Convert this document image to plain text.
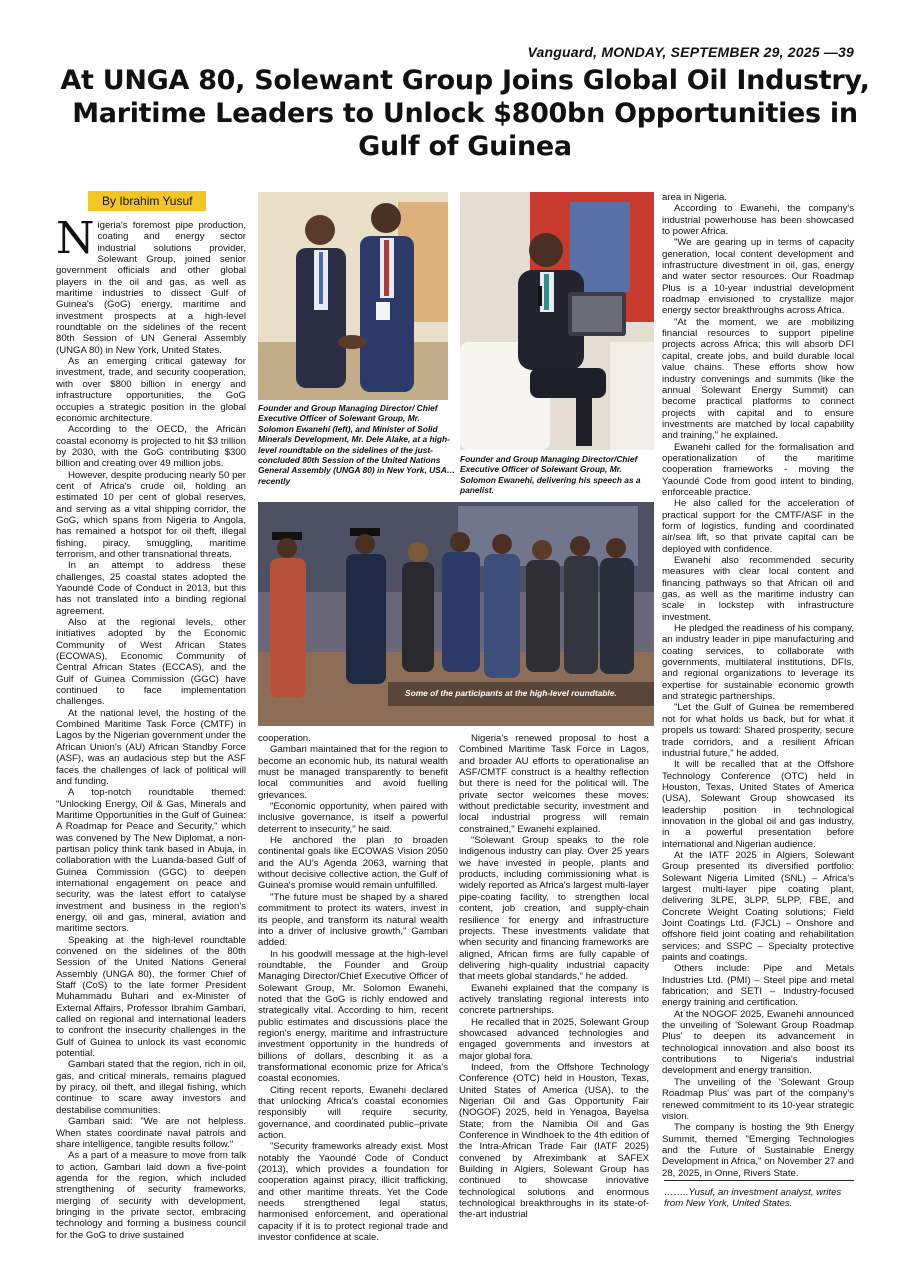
Vanguard, MONDAY, SEPTEMBER 29, 2025 —39
At UNGA 80, Solewant Group Joins Global Oil Industry, Maritime Leaders to Unlock $800bn Opportunities in Gulf of Guinea
By Ibrahim Yusuf

Nigeria's foremost pipe production, coating and energy sector industrial solutions provider, Solewant Group, joined senior government officials and other global players in the oil and gas, as well as maritime industries to dissect Gulf of Guinea's (GoG) energy, maritime and investment prospects at a high-level roundtable on the sidelines of the recent 80th Session of UN General Assembly (UNGA 80) in New York, United States.

As an emerging critical gateway for investment, trade, and security cooperation, with over $800 billion in energy and infrastructure opportunities, the GoG occupies a strategic position in the global economic architecture.

According to the OECD, the African coastal economy is projected to hit $3 trillion by 2030, with the GoG contributing $300 billion and creating over 49 million jobs.

However, despite producing nearly 50 per cent of Africa's crude oil, holding an estimated 10 per cent of global reserves, and serving as a vital shipping corridor, the GoG, which spans from Nigeria to Angola, has remained a hotspot for oil theft, illegal fishing, piracy, smuggling, maritime terrorism, and other transnational threats.

In an attempt to address these challenges, 25 coastal states adopted the Yaoundé Code of Conduct in 2013, but this has not translated into a binding regional agreement.

Also at the regional levels, other initiatives adopted by the Economic Community of West African States (ECOWAS), Economic Community of Central African States (ECCAS), and the Gulf of Guinea Commission (GGC) have continued to face implementation challenges.

At the national level, the hosting of the Combined Maritime Task Force (CMTF) in Lagos by the Nigerian government under the African Union's (AU) African Standby Force (ASF), was an audacious step but the ASF faces the challenges of lack of political will and funding.

A top-notch roundtable themed: "Unlocking Energy, Oil & Gas, Minerals and Maritime Opportunities in the Gulf of Guinea: A Roadmap for Peace and Security," which was convened by The New Diplomat, a non-partisan policy think tank based in Abuja, in collaboration with the Luanda-based Gulf of Guinea Commission (GGC) to deepen international engagement on peace and security, was the latest effort to catalyse investment and business in the region's energy, oil and gas, mineral, aviation and maritime sectors.

Speaking at the high-level roundtable convened on the sidelines of the 80th Session of the United Nations General Assembly (UNGA 80), the former Chief of Staff (CoS) to the late former President Muhammadu Buhari and ex-Minister of External Affairs, Professor Ibrahim Gambari, called on regional and international leaders to confront the insecurity challenges in the Gulf of Guinea to unlock its vast economic potential.

Gambari stated that the region, rich in oil, gas, and critical minerals, remains plagued by piracy, oil theft, and illegal fishing, which continue to scare away investors and destabilise communities.

Gambari said: "We are not helpless. When states coordinate naval patrols and share intelligence, tangible results follow."

As a part of a measure to move from talk to action, Gambari laid down a five-point agenda for the region, which included strengthening of security frameworks, merging of security with development, bringing in the private sector, embracing technology and forming a business council for the GoG to drive sustained

Founder and Group Managing Director/ Chief Executive Officer of Solewant Group, Mr. Solomon Ewanehi (left), and Minister of Solid Minerals Development, Mr. Dele Alake, at a high-level roundtable on the sidelines of the just-concluded 80th Session of the United Nations General Assembly (UNGA 80) in New York, USA…recently
Founder and Group Managing Director/Chief Executive Officer of Solewant Group, Mr. Solomon Ewanehi, delivering his speech as a panelist.
Some of the participants at the high-level roundtable.

cooperation.

Gambari maintained that for the region to become an economic hub, its natural wealth must be managed transparently to benefit local communities and avoid fuelling grievances.

"Economic opportunity, when paired with inclusive governance, is itself a powerful deterrent to insecurity," he said.

He anchored the plan to broaden continental goals like ECOWAS Vision 2050 and the AU's Agenda 2063, warning that without decisive collective action, the Gulf of Guinea's promise would remain unfulfilled.

"The future must be shaped by a shared commitment to protect its waters, invest in its people, and transform its natural wealth into a driver of inclusive growth," Gambari added.

In his goodwill message at the high-level roundtable, the Founder and Group Managing Director/Chief Executive Officer of Solewant Group, Mr. Solomon Ewanehi, noted that the GoG is richly endowed and strategically vital. According to him, recent public estimates and discussions place the region's energy, maritime and infrastructure investment opportunity in the hundreds of billions of dollars, describing it as a transformational economic prize for Africa's coastal economies.

Citing recent reports, Ewanehi declared that unlocking Africa's coastal economies responsibly will require security, governance, and coordinated public–private action.

"Security frameworks already exist. Most notably the Yaoundé Code of Conduct (2013), which provides a foundation for cooperation against piracy, illicit trafficking, and other maritime threats. Yet the Code needs strengthened legal status, harmonised enforcement, and operational capacity if it is to protect regional trade and investor confidence at scale.

Nigeria's renewed proposal to host a Combined Maritime Task Force in Lagos, and broader AU efforts to operationalise an ASF/CMTF construct is a healthy reflection but there is need for the political will. The private sector welcomes these moves: without predictable security, investment and local industrial progress will remain constrained," Ewanehi explained.

"Solewant Group speaks to the role indigenous industry can play. Over 25 years we have invested in people, plants and products, including commissioning what is widely reported as Africa's largest multi-layer pipe-coating facility, to strengthen local content, job creation, and supply-chain resilience for energy and infrastructure projects. These investments validate that when security and financing frameworks are aligned, African firms are fully capable of delivering high-quality industrial capacity that meets global standards," he added.

Ewanehi explained that the company is actively translating regional interests into concrete partnerships.

He recalled that in 2025, Solewant Group showcased advanced technologies and engaged governments and investors at major global fora.

Indeed, from the Offshore Technology Conference (OTC) held in Houston, Texas, United States of America (USA), to the Nigerian Oil and Gas Opportunity Fair (NOGOF) 2025, held in Yenagoa, Bayelsa State; from the Namibia Oil and Gas Conference in Windhoek to the 4th edition of the Intra-African Trade Fair (IATF 2025) convened by Afreximbank at SAFEX Building in Algiers, Solewant Group has continued to showcase innovative technological solutions and enormous technological breakthroughs in its state-of-the-art industrial

area in Nigeria.

According to Ewanehi, the company's industrial powerhouse has been showcased to power Africa.

"We are gearing up in terms of capacity generation, local content development and infrastructure divestment in oil, gas, energy and water sector resources. Our Roadmap Plus is a 10-year industrial development roadmap envisioned to crystallize major energy sector breakthroughs across Africa.

"At the moment, we are mobilizing financial resources to support pipeline projects across Africa; this will absorb DFI capital, create jobs, and build durable local value chains. These efforts show how industry convenings and summits (like the annual Solewant Energy Summit) can become practical platforms to connect projects with capital and to ensure investments are matched by local capability and training," he explained.

Ewanehi called for the formalisation and operationalization of the maritime cooperation frameworks - moving the Yaoundé Code from good intent to binding, enforceable practice.

He also called for the acceleration of practical support for the CMTF/ASF in the form of logistics, funding and coordinated air/sea lift, so that private capital can be deployed with confidence.

Ewanehi also recommended security measures with clear local content and financing pathways so that African oil and gas, as well as the maritime industry can scale in lockstep with infrastructure investment.

He pledged the readiness of his company, an industry leader in pipe manufacturing and coating services, to collaborate with governments, multilateral institutions, DFIs, and regional organizations to leverage its expertise for sustainable economic growth and strategic partnerships.

"Let the Gulf of Guinea be remembered not for what holds us back, but for what it propels us toward: Shared prosperity, secure trade corridors, and a resilient African industrial future," he added.

It will be recalled that at the Offshore Technology Conference (OTC) held in Houston, Texas, United States of America (USA), Solewant Group showcased its leadership position in technological innovation in the global oil and gas industry, in a powerful presentation before international and Nigerian audience.

At the IATF 2025 in Algiers, Solewant Group presented its diversified portfolio: Solewant Nigeria Limited (SNL) – Africa's largest multi-layer pipe coating plant, delivering 3LPE, 3LPP, 5LPP, FBE, and Concrete Weight Coating solutions; Field Joint Coatings Ltd. (FJCL) – Onshore and offshore field joint coating and rehabilitation services; and SSPC – Specialty protective paints and coatings.

Others include: Pipe and Metals Industries Ltd. (PMI) – Steel pipe and metal fabrication; and SETI – Industry-focused energy training and certification.

At the NOGOF 2025, Ewanehi announced the unveiling of 'Solewant Group Roadmap Plus' to deepen its advancement in technological innovation and also boost its contributions to Nigeria's industrial development and energy transition.

The unveiling of the 'Solewant Group Roadmap Plus' was part of the company's renewed commitment to its 10-year strategic vision.

The company is hosting the 9th Energy Summit, themed "Emerging Technologies and the Future of Sustainable Energy Development in Africa," on November 27 and 28, 2025, in Onne, Rivers State.

……..Yusuf, an investment analyst, writes from New York, United States.
